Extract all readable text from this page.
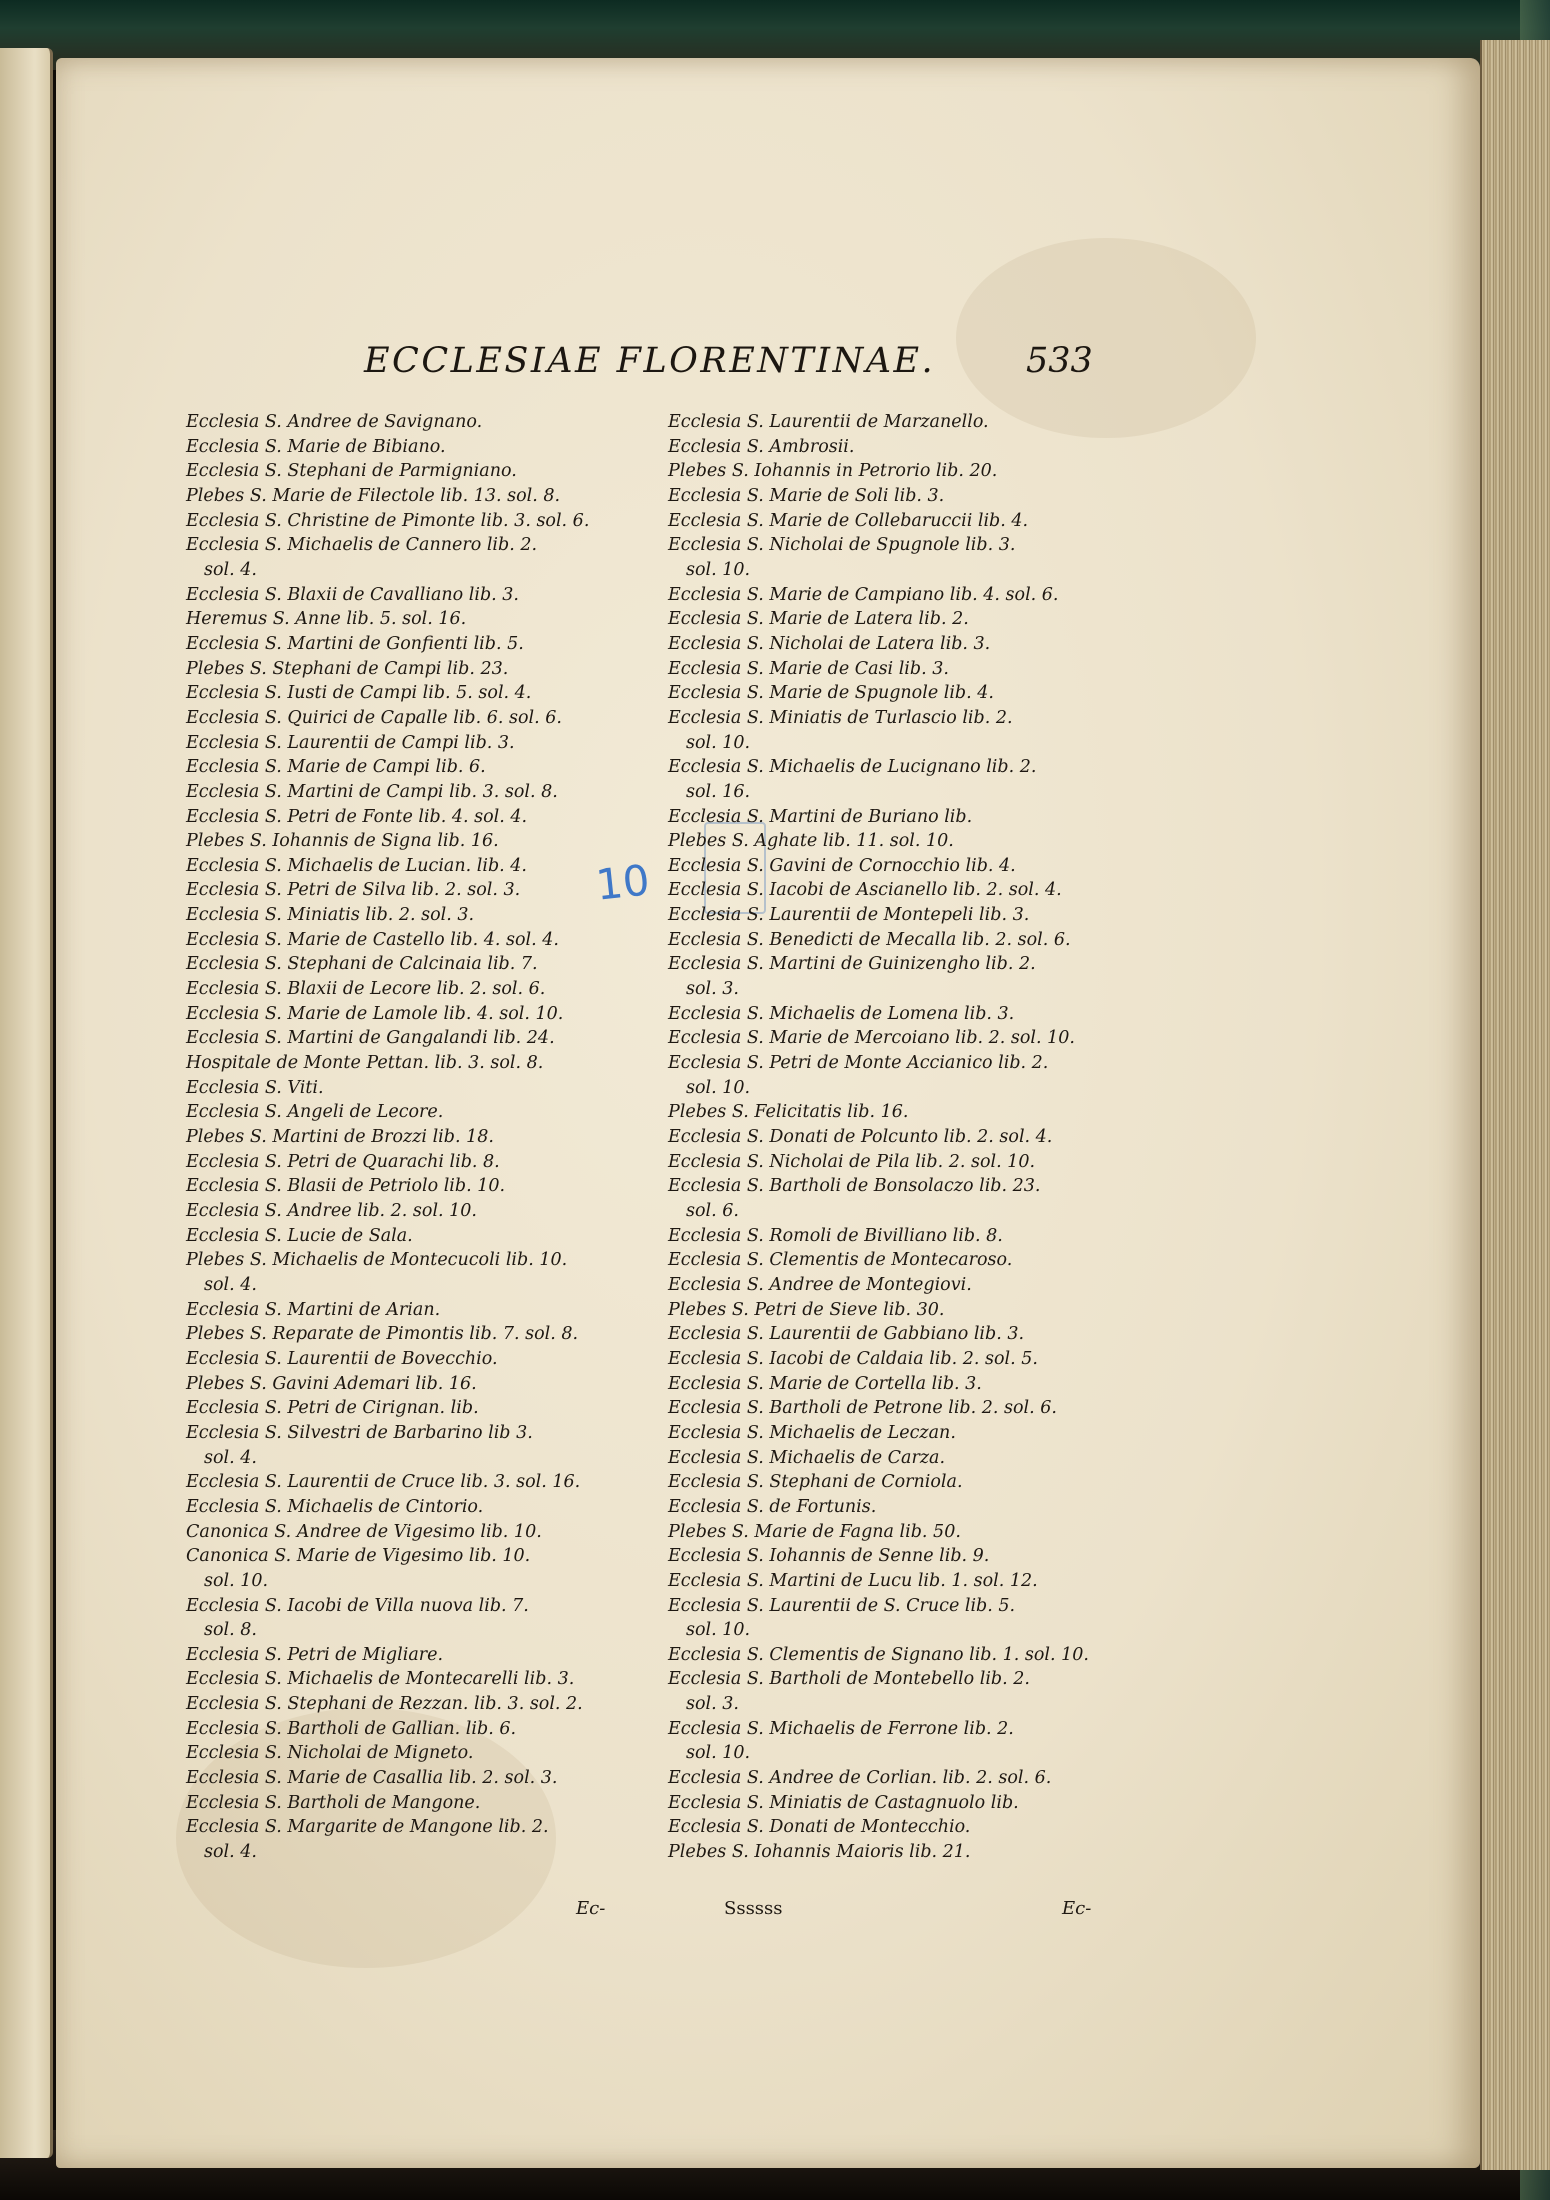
ECCLESIAE FLORENTINAE.	533
10
Ecclesia S. Andree de Savignano.
Ecclesia S. Marie de Bibiano.
Ecclesia S. Stephani de Parmigniano.
Plebes S. Marie de Filectole lib. 13. sol. 8.
Ecclesia S. Christine de Pimonte lib. 3. sol. 6.
Ecclesia S. Michaelis de Cannero lib. 2.
sol. 4.
Ecclesia S. Blaxii de Cavalliano lib. 3.
Heremus S. Anne lib. 5. sol. 16.
Ecclesia S. Martini de Gonfienti lib. 5.
Plebes S. Stephani de Campi lib. 23.
Ecclesia S. Iusti de Campi lib. 5. sol. 4.
Ecclesia S. Quirici de Capalle lib. 6. sol. 6.
Ecclesia S. Laurentii de Campi lib. 3.
Ecclesia S. Marie de Campi lib. 6.
Ecclesia S. Martini de Campi lib. 3. sol. 8.
Ecclesia S. Petri de Fonte lib. 4. sol. 4.
Plebes S. Iohannis de Signa lib. 16.
Ecclesia S. Michaelis de Lucian. lib. 4.
Ecclesia S. Petri de Silva lib. 2. sol. 3.
Ecclesia S. Miniatis lib. 2. sol. 3.
Ecclesia S. Marie de Castello lib. 4. sol. 4.
Ecclesia S. Stephani de Calcinaia lib. 7.
Ecclesia S. Blaxii de Lecore lib. 2. sol. 6.
Ecclesia S. Marie de Lamole lib. 4. sol. 10.
Ecclesia S. Martini de Gangalandi lib. 24.
Hospitale de Monte Pettan. lib. 3. sol. 8.
Ecclesia S. Viti.
Ecclesia S. Angeli de Lecore.
Plebes S. Martini de Brozzi lib. 18.
Ecclesia S. Petri de Quarachi lib. 8.
Ecclesia S. Blasii de Petriolo lib. 10.
Ecclesia S. Andree lib. 2. sol. 10.
Ecclesia S. Lucie de Sala.
Plebes S. Michaelis de Montecucoli lib. 10.
sol. 4.
Ecclesia S. Martini de Arian.
Plebes S. Reparate de Pimontis lib. 7. sol. 8.
Ecclesia S. Laurentii de Bovecchio.
Plebes S. Gavini Ademari lib. 16.
Ecclesia S. Petri de Cirignan. lib.
Ecclesia S. Silvestri de Barbarino lib 3.
sol. 4.
Ecclesia S. Laurentii de Cruce lib. 3. sol. 16.
Ecclesia S. Michaelis de Cintorio.
Canonica S. Andree de Vigesimo lib. 10.
Canonica S. Marie de Vigesimo lib. 10.
sol. 10.
Ecclesia S. Iacobi de Villa nuova lib. 7.
sol. 8.
Ecclesia S. Petri de Migliare.
Ecclesia S. Michaelis de Montecarelli lib. 3.
Ecclesia S. Stephani de Rezzan. lib. 3. sol. 2.
Ecclesia S. Bartholi de Gallian. lib. 6.
Ecclesia S. Nicholai de Migneto.
Ecclesia S. Marie de Casallia lib. 2. sol. 3.
Ecclesia S. Bartholi de Mangone.
Ecclesia S. Margarite de Mangone lib. 2.
sol. 4.
Ecclesia S. Laurentii de Marzanello.
Ecclesia S. Ambrosii.
Plebes S. Iohannis in Petrorio lib. 20.
Ecclesia S. Marie de Soli lib. 3.
Ecclesia S. Marie de Collebaruccii lib. 4.
Ecclesia S. Nicholai de Spugnole lib. 3.
sol. 10.
Ecclesia S. Marie de Campiano lib. 4. sol. 6.
Ecclesia S. Marie de Latera lib. 2.
Ecclesia S. Nicholai de Latera lib. 3.
Ecclesia S. Marie de Casi lib. 3.
Ecclesia S. Marie de Spugnole lib. 4.
Ecclesia S. Miniatis de Turlascio lib. 2.
sol. 10.
Ecclesia S. Michaelis de Lucignano lib. 2.
sol. 16.
Ecclesia S. Martini de Buriano lib.
Plebes S. Aghate lib. 11. sol. 10.
Ecclesia S. Gavini de Cornocchio lib. 4.
Ecclesia S. Iacobi de Ascianello lib. 2. sol. 4.
Ecclesia S. Laurentii de Montepeli lib. 3.
Ecclesia S. Benedicti de Mecalla lib. 2. sol. 6.
Ecclesia S. Martini de Guinizengho lib. 2.
sol. 3.
Ecclesia S. Michaelis de Lomena lib. 3.
Ecclesia S. Marie de Mercoiano lib. 2. sol. 10.
Ecclesia S. Petri de Monte Accianico lib. 2.
sol. 10.
Plebes S. Felicitatis lib. 16.
Ecclesia S. Donati de Polcunto lib. 2. sol. 4.
Ecclesia S. Nicholai de Pila lib. 2. sol. 10.
Ecclesia S. Bartholi de Bonsolaczo lib. 23.
sol. 6.
Ecclesia S. Romoli de Bivilliano lib. 8.
Ecclesia S. Clementis de Montecaroso.
Ecclesia S. Andree de Montegiovi.
Plebes S. Petri de Sieve lib. 30.
Ecclesia S. Laurentii de Gabbiano lib. 3.
Ecclesia S. Iacobi de Caldaia lib. 2. sol. 5.
Ecclesia S. Marie de Cortella lib. 3.
Ecclesia S. Bartholi de Petrone lib. 2. sol. 6.
Ecclesia S. Michaelis de Leczan.
Ecclesia S. Michaelis de Carza.
Ecclesia S. Stephani de Corniola.
Ecclesia S. de Fortunis.
Plebes S. Marie de Fagna lib. 50.
Ecclesia S. Iohannis de Senne lib. 9.
Ecclesia S. Martini de Lucu lib. 1. sol. 12.
Ecclesia S. Laurentii de S. Cruce lib. 5.
sol. 10.
Ecclesia S. Clementis de Signano lib. 1. sol. 10.
Ecclesia S. Bartholi de Montebello lib. 2.
sol. 3.
Ecclesia S. Michaelis de Ferrone lib. 2.
sol. 10.
Ecclesia S. Andree de Corlian. lib. 2. sol. 6.
Ecclesia S. Miniatis de Castagnuolo lib.
Ecclesia S. Donati de Montecchio.
Plebes S. Iohannis Maioris lib. 21.
Ec-	Ssssss	Ec-
